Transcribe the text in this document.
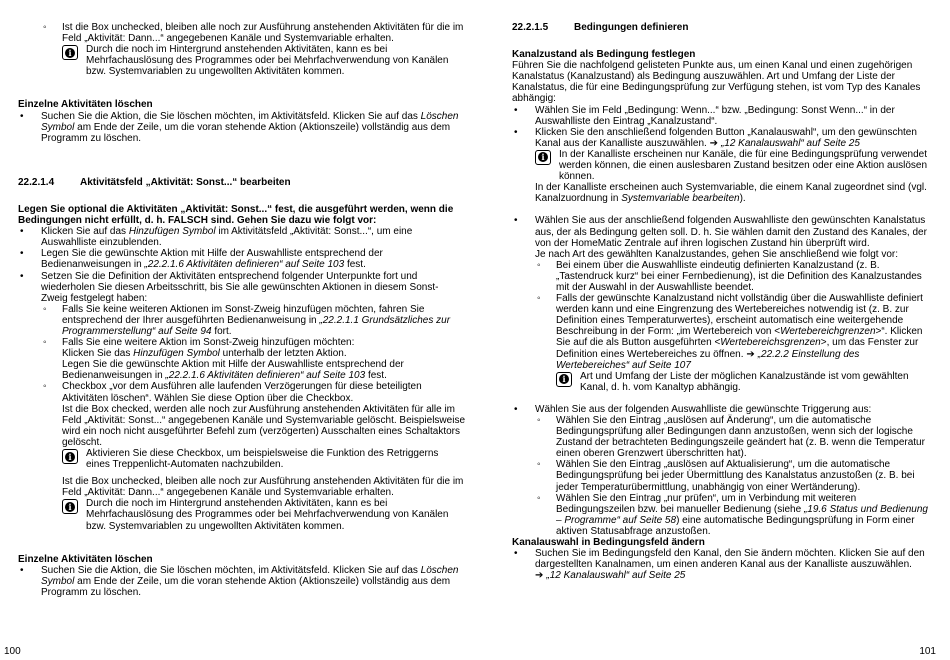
◦ Ist die Box unchecked, bleiben alle noch zur Ausführung anstehenden Aktivitäten für die im Feld „Aktivität: Dann...“ angegebenen Kanäle und Systemvariable erhalten.
i	Durch die noch im Hintergrund anstehenden Aktivitäten, kann es bei Mehrfachauslösung des Programmes oder bei Mehrfachverwendung von Kanälen bzw. Systemvariablen zu ungewollten Aktivitäten kommen.

Einzelne Aktivitäten löschen

• Suchen Sie die Aktion, die Sie löschen möchten, im Aktivitätsfeld. Klicken Sie auf das Löschen Symbol am Ende der Zeile, um die voran stehende Aktion (Aktionszeile) vollständig aus dem Programm zu löschen.

22.2.1.4	Aktivitätsfeld „Aktivität: Sonst...“ bearbeiten

Legen Sie optional die Aktivitäten „Aktivität: Sonst...“ fest, die ausgeführt werden, wenn die Bedingungen nicht erfüllt, d. h. FALSCH sind. Gehen Sie dazu wie folgt vor:

• Klicken Sie auf das Hinzufügen Symbol im Aktivitätsfeld „Aktivität: Sonst...“, um eine Auswahlliste einzublenden.
• Legen Sie die gewünschte Aktion mit Hilfe der Auswahlliste entsprechend der Bedienanweisungen in „22.2.1.6 Aktivitäten definieren“ auf Seite 103 fest.
• Setzen Sie die Definition der Aktivitäten entsprechend folgender Unterpunkte fort und wiederholen Sie diesen Arbeitsschritt, bis Sie alle gewünschten Aktionen in diesem Sonst-Zweig festgelegt haben:
◦ Falls Sie keine weiteren Aktionen im Sonst-Zweig hinzufügen möchten, fahren Sie entsprechend der Ihrer ausgeführten Bedienanweisung in „22.2.1.1 Grundsätzliches zur Programmerstellung“ auf Seite 94 fort.

◦ Falls Sie eine weitere Aktion im Sonst-Zweig hinzufügen möchten:

Klicken Sie das Hinzufügen Symbol unterhalb der letzten Aktion.

Legen Sie die gewünschte Aktion mit Hilfe der Auswahlliste entsprechend der Bedienanweisungen in „22.2.1.6 Aktivitäten definieren“ auf Seite 103 fest.

◦ Checkbox „vor dem Ausführen alle laufenden Verzögerungen für diese beteiligten Aktivitäten löschen“. Wählen Sie diese Option über die Checkbox.

Ist die Box checked, werden alle noch zur Ausführung anstehenden Aktivitäten für alle im Feld „Aktivität: Sonst...“ angegebenen Kanäle und Systemvariable gelöscht. Beispielsweise wird ein noch nicht ausgeführter Befehl zum (verzögerten) Ausschalten eines Schaltaktors gelöscht.

i	Aktivieren Sie diese Checkbox, um beispielsweise die Funktion des Retriggerns eines Treppenlicht-Automaten nachzubilden.

Ist die Box unchecked, bleiben alle noch zur Ausführung anstehenden Aktivitäten für die im Feld „Aktivität: Dann...“ angegebenen Kanäle und Systemvariable erhalten.

i	Durch die noch im Hintergrund anstehenden Aktivitäten, kann es bei Mehrfachauslösung des Programmes oder bei Mehrfachverwendung von Kanälen bzw. Systemvariablen zu ungewollten Aktivitäten kommen.

Einzelne Aktivitäten löschen

• Suchen Sie die Aktion, die Sie löschen möchten, im Aktivitätsfeld. Klicken Sie auf das Löschen Symbol am Ende der Zeile, um die voran stehende Aktion (Aktionszeile) vollständig aus dem Programm zu löschen.
100

22.2.1.5	Bedingungen definieren

Kanalzustand als Bedingung festlegen

Führen Sie die nachfolgend gelisteten Punkte aus, um einen Kanal und einen zugehörigen Kanalstatus (Kanalzustand) als Bedingung auszuwählen. Art und Umfang der Liste der Kanalstatus, die für eine Bedingungsprüfung zur Verfügung stehen, ist vom Typ des Kanales abhängig:

• Wählen Sie im Feld „Bedingung: Wenn...“ bzw. „Bedingung: Sonst Wenn...“ in der Auswahlliste den Eintrag „Kanalzustand“.
• Klicken Sie den anschließend folgenden Button „Kanalauswahl“, um den gewünschten Kanal aus der Kanalliste auszuwählen. ➔ „12 Kanalauswahl“ auf Seite 25
i	In der Kanalliste erscheinen nur Kanäle, die für eine Bedingungsprüfung verwendet werden können, die einen auslesbaren Zustand besitzen oder eine Aktion auslösen können.

In der Kanalliste erscheinen auch Systemvariable, die einem Kanal zugeordnet sind (vgl. Kanalzuordnung in Systemvariable bearbeiten).

• Wählen Sie aus der anschließend folgenden Auswahlliste den gewünschten Kanalstatus aus, der als Bedingung gelten soll. D. h. Sie wählen damit den Zustand des Kanales, der von der HomeMatic Zentrale auf ihren logischen Zustand hin überprüft wird.

Je nach Art des gewählten Kanalzustandes, gehen Sie anschließend wie folgt vor:

◦ Bei einem über die Auswahlliste eindeutig definierten Kanalzustand (z. B. „Tastendruck kurz“ bei einer Fernbedienung), ist die Definition des Kanalzustandes mit der Auswahl in der Auswahlliste beendet.
◦ Falls der gewünschte Kanalzustand nicht vollständig über die Auswahlliste definiert werden kann und eine Eingrenzung des Wertebereiches notwendig ist (z. B. zur Definition eines Temperaturwertes), erscheint automatisch eine weitergehende Beschreibung in der Form: „im Wertebereich von <Wertebereichgrenzen>“. Klicken Sie auf die als Button ausgeführten <Wertebereichsgrenzen>, um das Fenster zur Definition eines Wertebereiches zu öffnen. ➔ „22.2.2 Einstellung des Wertebereiches“ auf Seite 107
i	Art und Umfang der Liste der möglichen Kanalzustände ist vom gewählten Kanal, d. h. vom Kanaltyp abhängig.

• Wählen Sie aus der folgenden Auswahlliste die gewünschte Triggerung aus:
◦ Wählen Sie den Eintrag „auslösen auf Änderung“, um die automatische Bedingungsprüfung aller Bedingungen dann anzustoßen, wenn sich der logische Zustand der betrachteten Bedingungszeile geändert hat (z. B. wenn die Temperatur einen oberen Grenzwert überschritten hat).
◦ Wählen Sie den Eintrag „auslösen auf Aktualisierung“, um die automatische Bedingungsprüfung bei jeder Übermittlung des Kanalstatus anzustoßen (z. B. bei jeder Temperaturübermittlung, unabhängig von einer Wertänderung).
◦ Wählen Sie den Eintrag „nur prüfen“, um in Verbindung mit weiteren Bedingungszeilen bzw. bei manueller Bedienung (siehe „19.6 Status und Bedienung – Programme“ auf Seite 58) eine automatische Bedingungsprüfung in Form einer aktiven Statusabfrage anzustoßen.

Kanalauswahl in Bedingungsfeld ändern

• Suchen Sie im Bedingungsfeld den Kanal, den Sie ändern möchten. Klicken Sie auf den dargestellten Kanalnamen, um einen anderen Kanal aus der Kanalliste auszuwählen.
➔ „12 Kanalauswahl“ auf Seite 25
101
